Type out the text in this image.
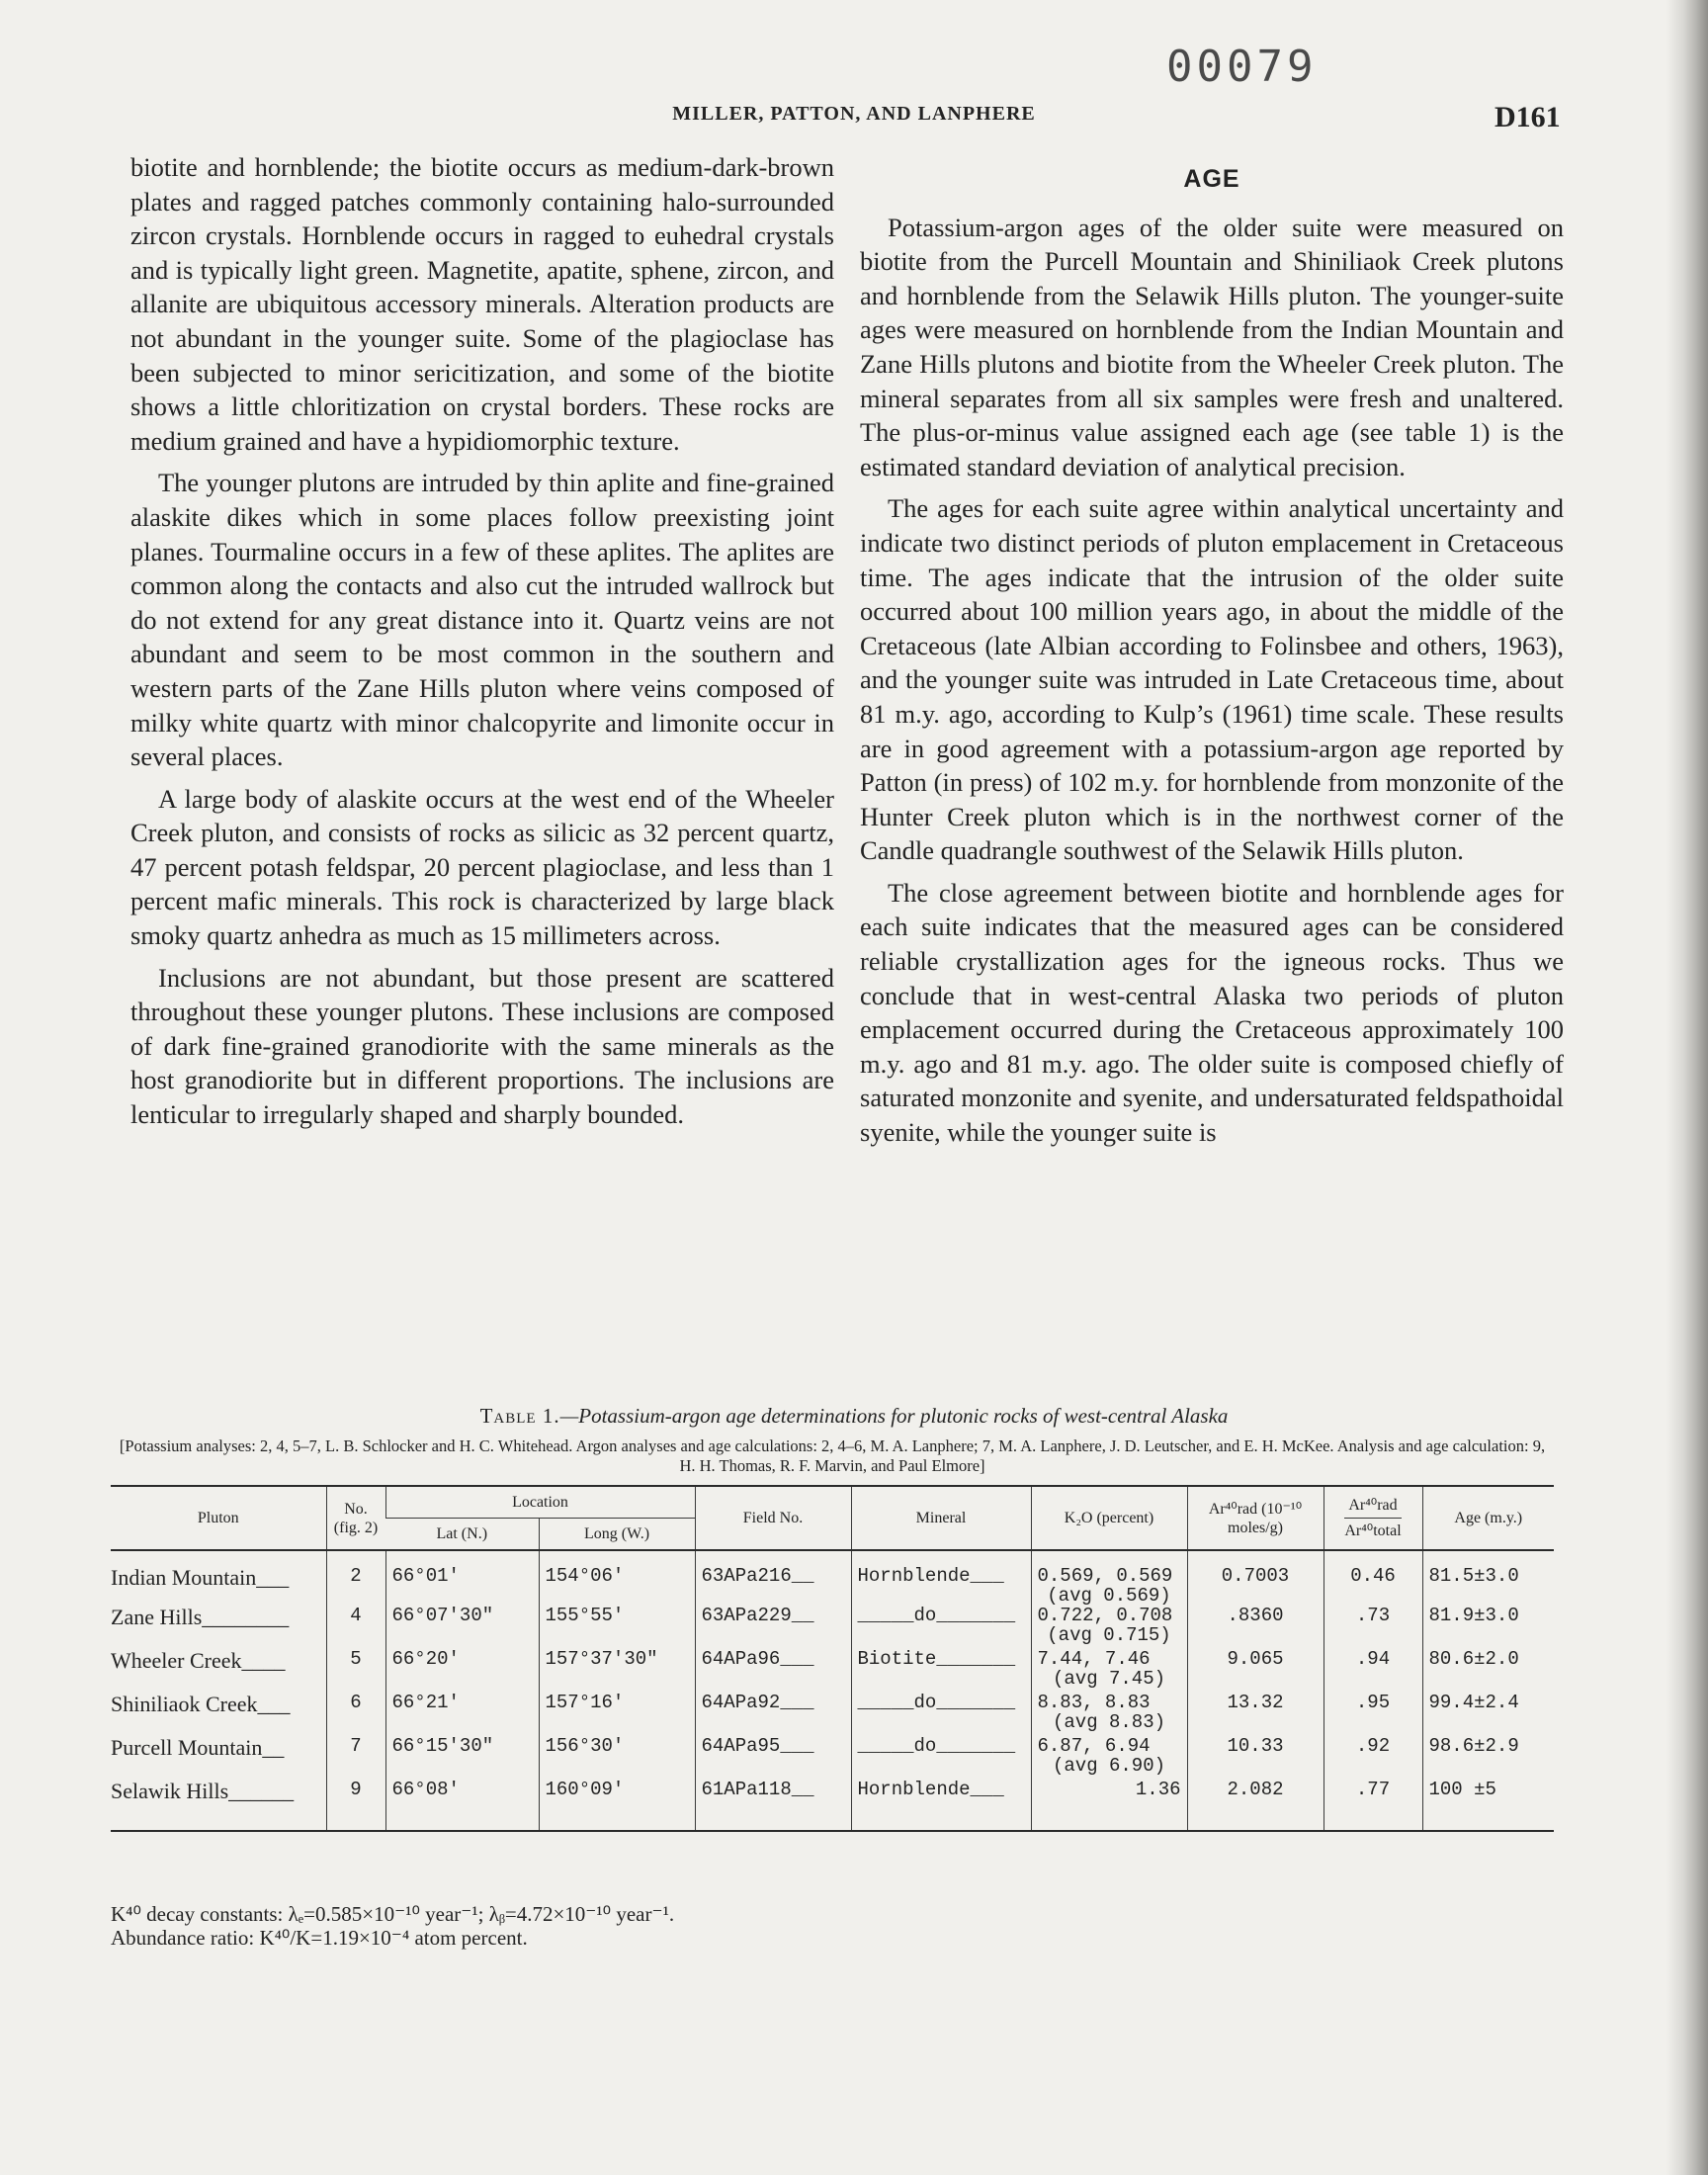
00079
MILLER, PATTON, AND LANPHERE	D161

biotite and hornblende; the biotite occurs as medium-dark-brown plates and ragged patches commonly containing halo-surrounded zircon crystals. Hornblende occurs in ragged to euhedral crystals and is typically light green. Magnetite, apatite, sphene, zircon, and allanite are ubiquitous accessory minerals. Alteration products are not abundant in the younger suite. Some of the plagioclase has been subjected to minor sericitization, and some of the biotite shows a little chloritization on crystal borders. These rocks are medium grained and have a hypidiomorphic texture.

The younger plutons are intruded by thin aplite and fine-grained alaskite dikes which in some places follow preexisting joint planes. Tourmaline occurs in a few of these aplites. The aplites are common along the contacts and also cut the intruded wallrock but do not extend for any great distance into it. Quartz veins are not abundant and seem to be most common in the southern and western parts of the Zane Hills pluton where veins composed of milky white quartz with minor chalcopyrite and limonite occur in several places.

A large body of alaskite occurs at the west end of the Wheeler Creek pluton, and consists of rocks as silicic as 32 percent quartz, 47 percent potash feldspar, 20 percent plagioclase, and less than 1 percent mafic minerals. This rock is characterized by large black smoky quartz anhedra as much as 15 millimeters across.

Inclusions are not abundant, but those present are scattered throughout these younger plutons. These inclusions are composed of dark fine-grained granodiorite with the same minerals as the host granodiorite but in different proportions. The inclusions are lenticular to irregularly shaped and sharply bounded.

AGE

Potassium-argon ages of the older suite were measured on biotite from the Purcell Mountain and Shiniliaok Creek plutons and hornblende from the Selawik Hills pluton. The younger-suite ages were measured on hornblende from the Indian Mountain and Zane Hills plutons and biotite from the Wheeler Creek pluton. The mineral separates from all six samples were fresh and unaltered. The plus-or-minus value assigned each age (see table 1) is the estimated standard deviation of analytical precision.

The ages for each suite agree within analytical uncertainty and indicate two distinct periods of pluton emplacement in Cretaceous time. The ages indicate that the intrusion of the older suite occurred about 100 million years ago, in about the middle of the Cretaceous (late Albian according to Folinsbee and others, 1963), and the younger suite was intruded in Late Cretaceous time, about 81 m.y. ago, according to Kulp’s (1961) time scale. These results are in good agreement with a potassium-argon age reported by Patton (in press) of 102 m.y. for hornblende from monzonite of the Hunter Creek pluton which is in the northwest corner of the Candle quadrangle southwest of the Selawik Hills pluton.

The close agreement between biotite and hornblende ages for each suite indicates that the measured ages can be considered reliable crystallization ages for the igneous rocks. Thus we conclude that in west-central Alaska two periods of pluton emplacement occurred during the Cretaceous approximately 100 m.y. ago and 81 m.y. ago. The older suite is composed chiefly of saturated monzonite and syenite, and undersaturated feldspathoidal syenite, while the younger suite is

Table 1.—Potassium-argon age determinations for plutonic rocks of west-central Alaska
[Potassium analyses: 2, 4, 5–7, L. B. Schlocker and H. C. Whitehead. Argon analyses and age calculations: 2, 4–6, M. A. Lanphere; 7, M. A. Lanphere, J. D. Leutscher, and E. H. McKee. Analysis and age calculation: 9, H. H. Thomas, R. F. Marvin, and Paul Elmore]
Pluton	No. (fig. 2)	Location		Field No.	Mineral	K₂O (percent)	Ar⁴⁰rad (10⁻¹⁰ moles/g)	$\frac{\text{Ar⁴⁰rad}}{\text{Ar⁴⁰total}}$	Age (m.y.)
		Lat (N.)	Long (W.)						
Indian Mountain___	2	66°01′	154°06′	63APa216__	Hornblende___	0.569, 0.569
(avg 0.569)	0.7003	0.46	81.5±3.0
Zane Hills________	4	66°07′30″	155°55′	63APa229__	_____do_______	0.722, 0.708
(avg 0.715)	.8360	.73	81.9±3.0
Wheeler Creek____	5	66°20′	157°37′30″	64APa96___	Biotite_______	7.44, 7.46
(avg 7.45)	9.065	.94	80.6±2.0
Shiniliaok Creek___	6	66°21′	157°16′	64APa92___	_____do_______	8.83, 8.83
(avg 8.83)	13.32	.95	99.4±2.4
Purcell Mountain__	7	66°15′30″	156°30′	64APa95___	_____do_______	6.87, 6.94
(avg 6.90)	10.33	.92	98.6±2.9
Selawik Hills______	9	66°08′	160°09′	61APa118__	Hornblende___	1.36	2.082	.77	100 ±5
K⁴⁰ decay constants: λₑ=0.585×10⁻¹⁰ year⁻¹; λᵦ=4.72×10⁻¹⁰ year⁻¹.
Abundance ratio: K⁴⁰/K=1.19×10⁻⁴ atom percent.
